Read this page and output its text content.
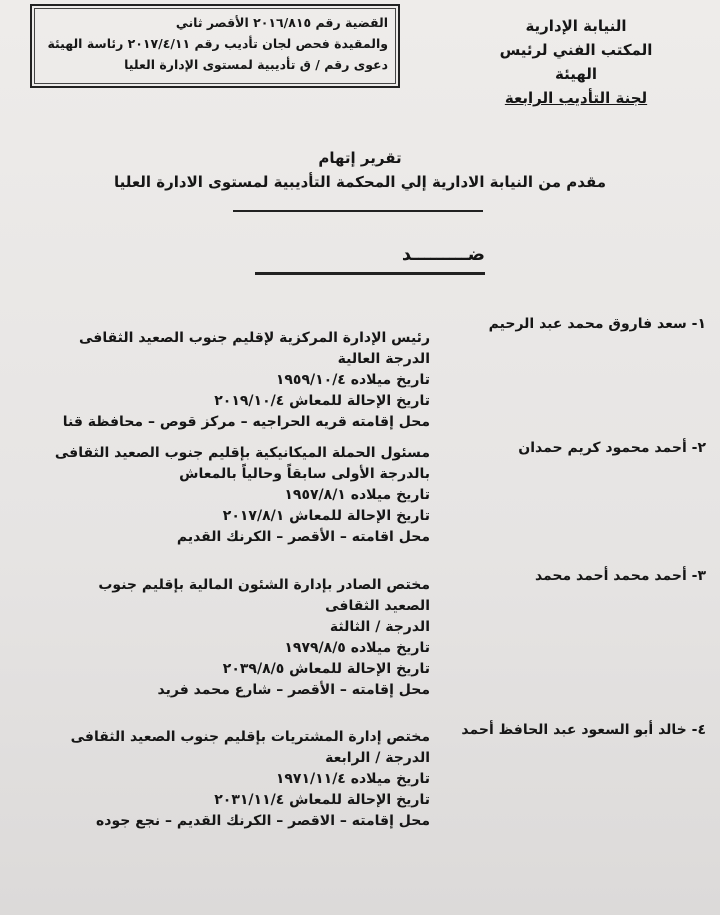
القضية رقم ٢٠١٦/٨١٥ الأقصر ثاني
والمقيدة فحص لجان تأديب رقم ٢٠١٧/٤/١١ رئاسة الهيئة
دعوى رقم / ق تأديبية لمستوى الإدارة العليا
النيابة الإدارية
المكتب الفني لرئيس الهيئة
لجنة التأديب الرابعة
تقرير إتهام
مقدم من النيابة الادارية إلي المحكمة التأديبية لمستوى الادارة العليا
ضـــــــــد
١- سعد فاروق محمد عبد الرحيم
رئيس الإدارة المركزية لإقليم جنوب الصعيد الثقافى
الدرجة العالية
تاريخ ميلاده ١٩٥٩/١٠/٤
تاريخ الإحالة للمعاش ٢٠١٩/١٠/٤
محل إقامته قريه الحراجيه – مركز قوص – محافظة قنا
٢- أحمد محمود كريم حمدان
مسئول الحملة الميكانيكية بإقليم جنوب الصعيد الثقافى
بالدرجة الأولى سابقاً وحالياً بالمعاش
تاريخ ميلاده ١٩٥٧/٨/١
تاريخ الإحالة للمعاش ٢٠١٧/٨/١
محل اقامته – الأقصر – الكرنك القديم
٣- أحمد محمد أحمد محمد
مختص الصادر بإدارة الشئون المالية بإقليم جنوب
الصعيد الثقافى
الدرجة / الثالثة
تاريخ ميلاده ١٩٧٩/٨/٥
تاريخ الإحالة للمعاش ٢٠٣٩/٨/٥
محل إقامته – الأقصر – شارع محمد فريد
٤- خالد أبو السعود عبد الحافظ أحمد
مختص إدارة المشتريات بإقليم جنوب الصعيد الثقافى
الدرجة / الرابعة
تاريخ ميلاده ١٩٧١/١١/٤
تاريخ الإحالة للمعاش ٢٠٣١/١١/٤
محل إقامته – الاقصر – الكرنك القديم – نجع جوده
